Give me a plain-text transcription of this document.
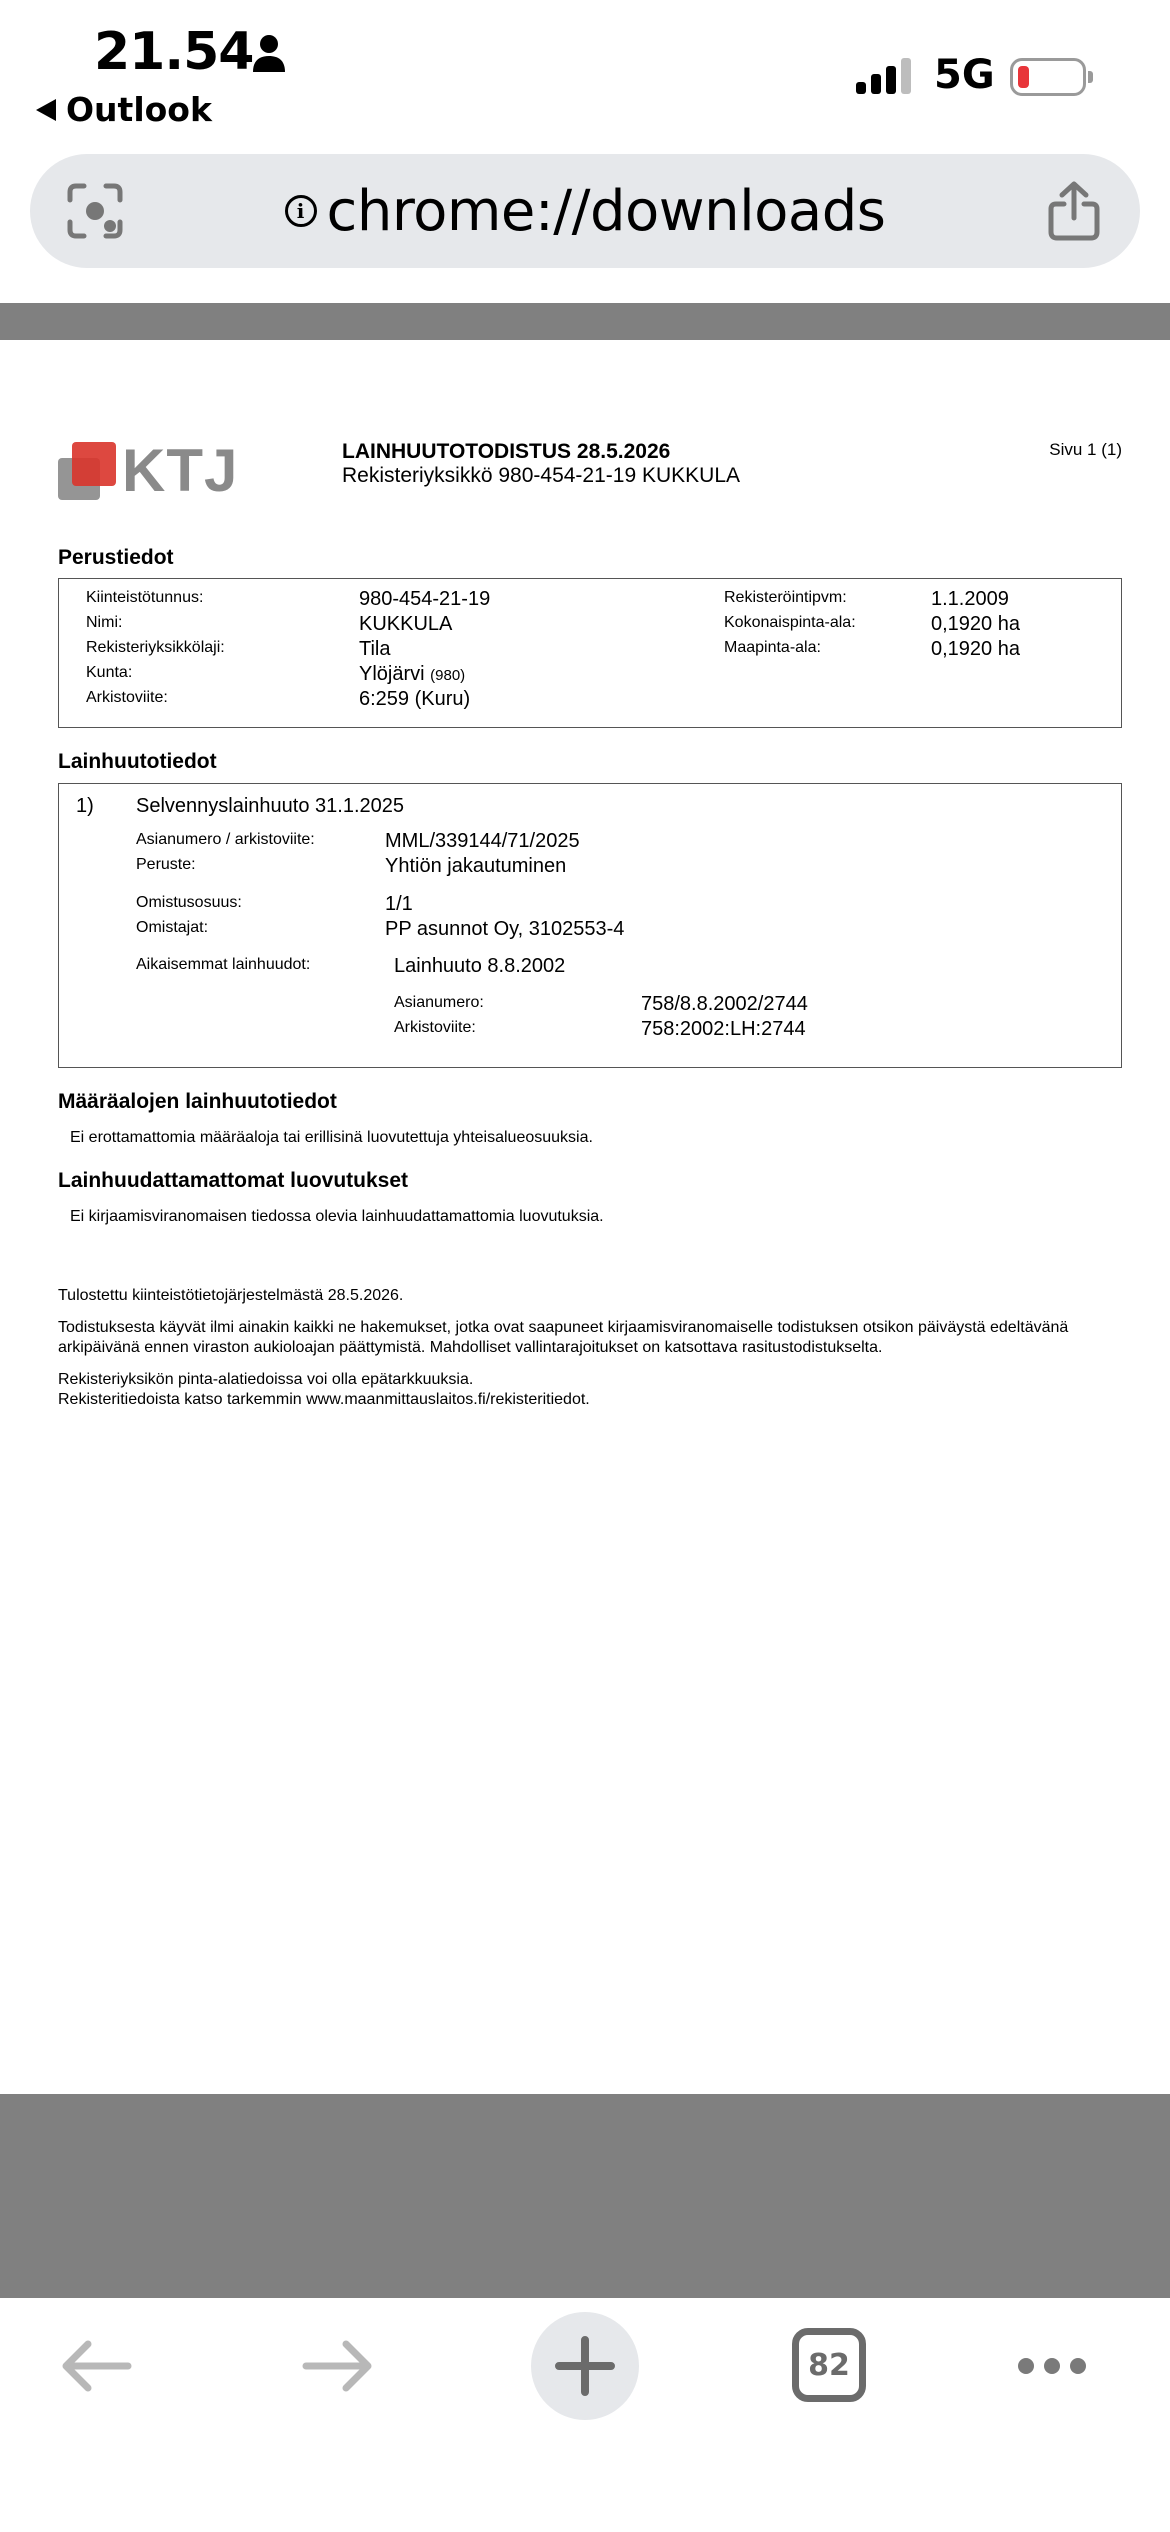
21.54
Outlook
5G
i chrome://downloads
KTJ	LAINHUUTOTODISTUS 28.5.2026
Rekisteriyksikkö 980-454-21-19 KUKKULA
Sivu 1 (1)
Perustiedot
Kiinteistötunnus:	980-454-21-19
Nimi:	KUKKULA
Rekisteriyksikkölaji:	Tila
Kunta:	Ylöjärvi (980)
Arkistoviite:	6:259 (Kuru)
Rekisteröintipvm:	1.1.2009
Kokonaispinta-ala:	0,1920 ha
Maapinta-ala:	0,1920 ha
Lainhuutotiedot
1) Selvennyslainhuuto 31.1.2025
Asianumero / arkistoviite:	MML/339144/71/2025
Peruste:	Yhtiön jakautuminen
Omistusosuus:	1/1
Omistajat:	PP asunnot Oy, 3102553-4
Aikaisemmat lainhuudot:	Lainhuuto 8.8.2002
Asianumero:	758/8.8.2002/2744
Arkistoviite:	758:2002:LH:2744
Määräalojen lainhuutotiedot
Ei erottamattomia määräaloja tai erillisinä luovutettuja yhteisalueosuuksia.
Lainhuudattamattomat luovutukset
Ei kirjaamisviranomaisen tiedossa olevia lainhuudattamattomia luovutuksia.
Tulostettu kiinteistötietojärjestelmästä 28.5.2026.
Todistuksesta käyvät ilmi ainakin kaikki ne hakemukset, jotka ovat saapuneet kirjaamisviranomaiselle todistuksen otsikon päiväystä edeltävänä
arkipäivänä ennen viraston aukioloajan päättymistä. Mahdolliset vallintarajoitukset on katsottava rasitustodistukselta.
Rekisteriyksikön pinta-alatiedoissa voi olla epätarkkuuksia.
Rekisteritiedoista katso tarkemmin www.maanmittauslaitos.fi/rekisteritiedot.
82
